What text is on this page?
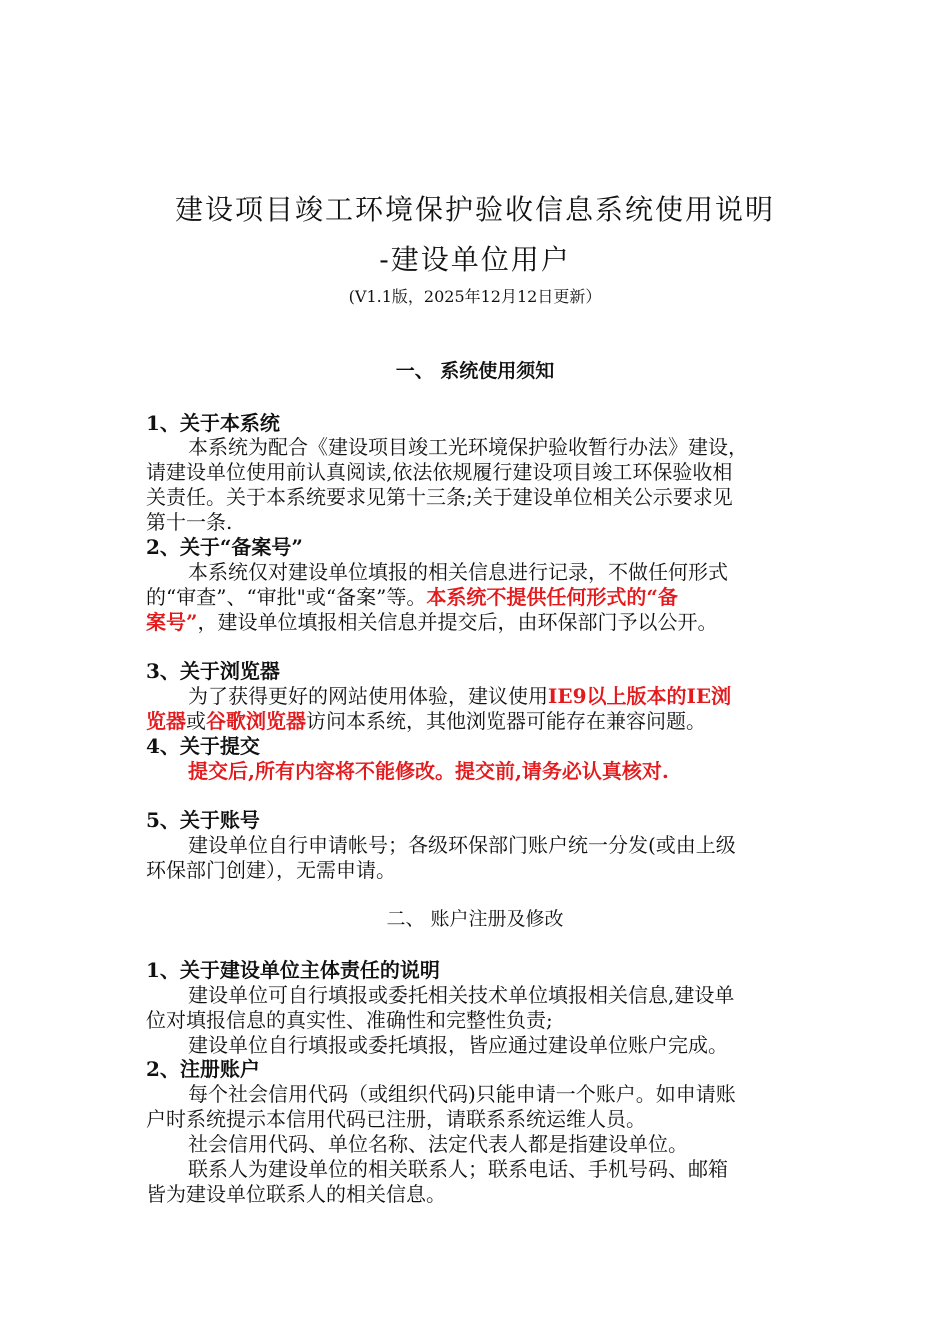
建设项目竣工环境保护验收信息系统使用说明
-建设单位用户
(V1.1版，2025年12月12日更新）
一、 系统使用须知
1、关于本系统
本系统为配合《建设项目竣工光环境保护验收暂行办法》建设，
请建设单位使用前认真阅读,依法依规履行建设项目竣工环保验收相
关责任。关于本系统要求见第十三条;关于建设单位相关公示要求见
第十一条.
2、关于“备案号”
本系统仅对建设单位填报的相关信息进行记录，不做任何形式
的“审查”、“审批"或“备案”等。本系统不提供任何形式的“备
案号”，建设单位填报相关信息并提交后，由环保部门予以公开。
3、关于浏览器
为了获得更好的网站使用体验，建议使用IE9以上版本的IE浏
览器或谷歌浏览器访问本系统，其他浏览器可能存在兼容问题。
4、关于提交
提交后,所有内容将不能修改。提交前,请务必认真核对.
5、关于账号
建设单位自行申请帐号；各级环保部门账户统一分发(或由上级
环保部门创建），无需申请。
二、 账户注册及修改
1、关于建设单位主体责任的说明
建设单位可自行填报或委托相关技术单位填报相关信息,建设单
位对填报信息的真实性、准确性和完整性负责;
建设单位自行填报或委托填报，皆应通过建设单位账户完成。
2、注册账户
每个社会信用代码（或组织代码)只能申请一个账户。如申请账
户时系统提示本信用代码已注册，请联系系统运维人员。
社会信用代码、单位名称、法定代表人都是指建设单位。
联系人为建设单位的相关联系人；联系电话、手机号码、邮箱
皆为建设单位联系人的相关信息。
